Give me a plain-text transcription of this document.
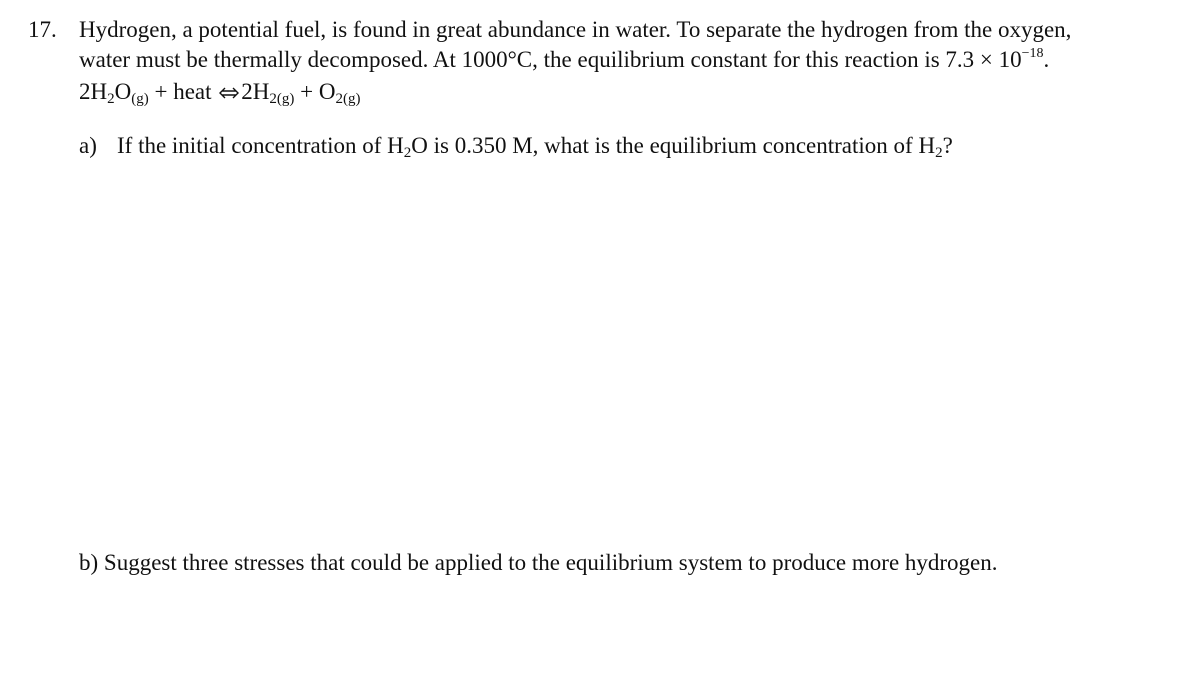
17. Hydrogen, a potential fuel, is found in great abundance in water. To separate the hydrogen from the oxygen,
water must be thermally decomposed. At 1000°C, the equilibrium constant for this reaction is $7.3 \times 10^{-18}$.
$2H_2O_{(g)}$ + heat ⇌ $2H_{2(g)} + O_{2(g)}$
a) If the initial concentration of $H_2O$ is 0.350 M, what is the equilibrium concentration of $H_2$?
b) Suggest three stresses that could be applied to the equilibrium system to produce more hydrogen.
